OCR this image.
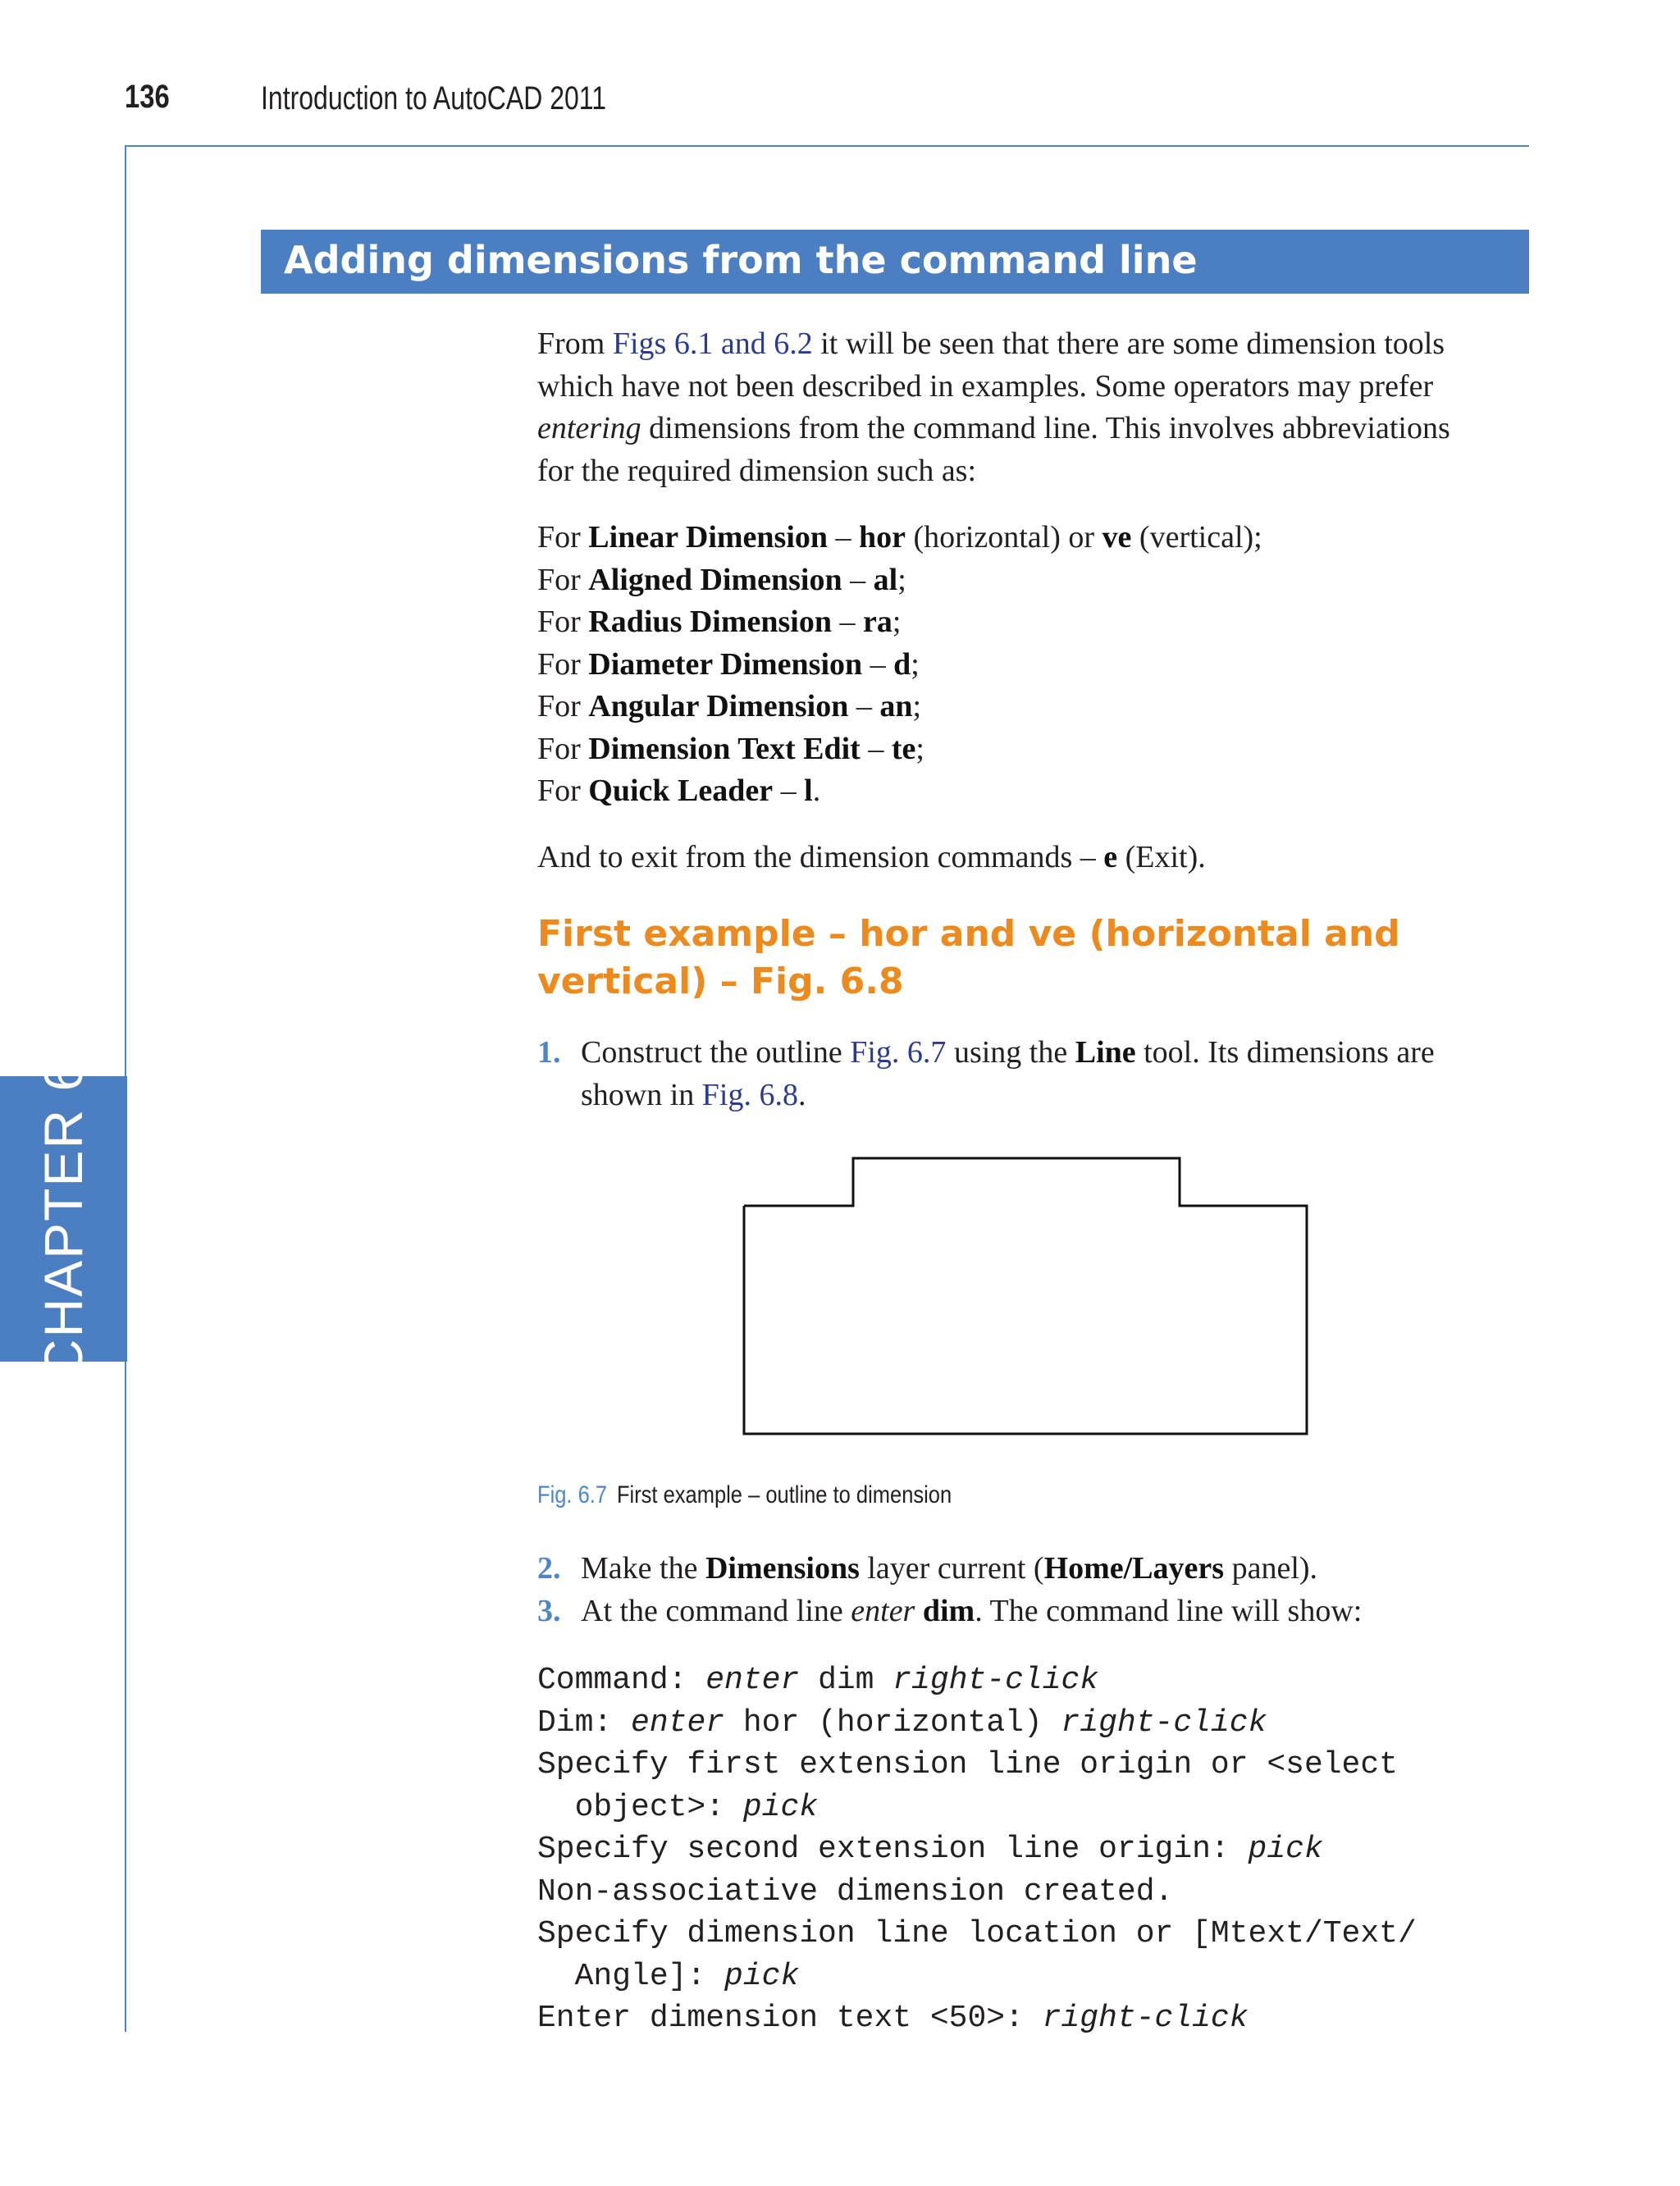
136	Introduction to AutoCAD 2011
CHAPTER 6
Adding dimensions from the command line
From Figs 6.1 and 6.2 it will be seen that there are some dimension tools
which have not been described in examples. Some operators may prefer
entering dimensions from the command line. This involves abbreviations
for the required dimension such as:
For Linear Dimension – hor (horizontal) or ve (vertical);
For Aligned Dimension – al;
For Radius Dimension – ra;
For Diameter Dimension – d;
For Angular Dimension – an;
For Dimension Text Edit – te;
For Quick Leader – l.
And to exit from the dimension commands – e (Exit).
First example – hor and ve (horizontal and
vertical) – Fig. 6.8
1. Construct the outline Fig. 6.7 using the Line tool. Its dimensions are
shown in Fig. 6.8.
Fig. 6.7 First example – outline to dimension
2. Make the Dimensions layer current (Home/Layers panel).
3. At the command line enter dim. The command line will show:
Command: enter dim right-click
Dim: enter hor (horizontal) right-click
Specify first extension line origin or <select
object>: pick
Specify second extension line origin: pick
Non-associative dimension created.
Specify dimension line location or [Mtext/Text/
Angle]: pick
Enter dimension text <50>: right-click
